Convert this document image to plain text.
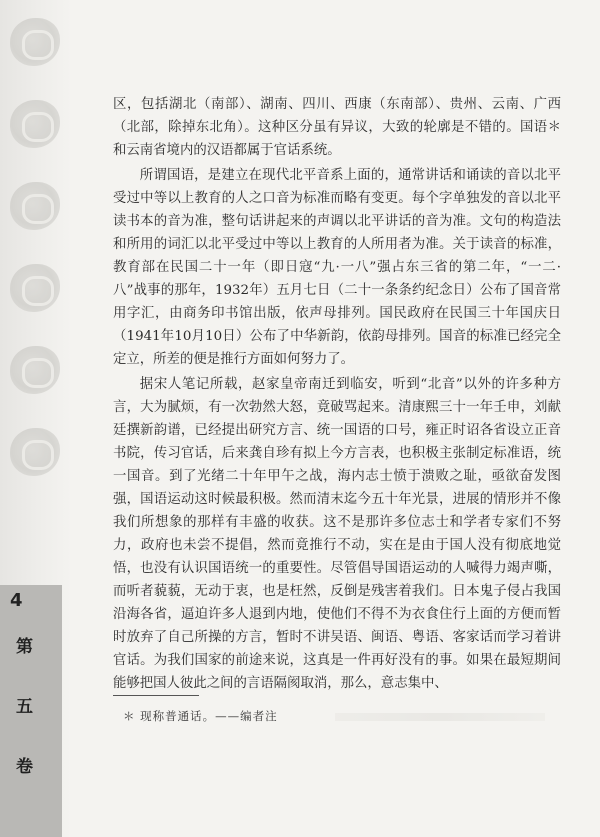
4
第
五
卷

区，包括湖北（南部）、湖南、四川、西康（东南部）、贵州、云南、广西（北部，除掉东北角）。这种区分虽有异议，大致的轮廓是不错的。国语＊和云南省境内的汉语都属于官话系统。

所谓国语，是建立在现代北平音系上面的，通常讲话和诵读的音以北平受过中等以上教育的人之口音为标准而略有变更。每个字单独发的音以北平读书本的音为准，整句话讲起来的声调以北平讲话的音为准。文句的构造法和所用的词汇以北平受过中等以上教育的人所用者为准。关于读音的标准，教育部在民国二十一年（即日寇“九·一八”强占东三省的第二年，“一二·八”战事的那年，1932年）五月七日（二十一条条约纪念日）公布了国音常用字汇，由商务印书馆出版，依声母排列。国民政府在民国三十年国庆日（1941年10月10日）公布了中华新韵，依韵母排列。国音的标准已经完全定立，所差的便是推行方面如何努力了。

据宋人笔记所载，赵家皇帝南迁到临安，听到“北音”以外的许多种方言，大为腻烦，有一次勃然大怒，竟破骂起来。清康熙三十一年壬申，刘献廷撰新韵谱，已经提出研究方言、统一国语的口号，雍正时诏各省设立正音书院，传习官话，后来龚自珍有拟上今方言表，也积极主张制定标准语，统一国音。到了光绪二十年甲午之战，海内志士愤于溃败之耻，亟欲奋发图强，国语运动这时候最积极。然而清末迄今五十年光景，进展的情形并不像我们所想象的那样有丰盛的收获。这不是那许多位志士和学者专家们不努力，政府也未尝不提倡，然而竟推行不动，实在是由于国人没有彻底地觉悟，也没有认识国语统一的重要性。尽管倡导国语运动的人喊得力竭声嘶，而听者藐藐，无动于衷，也是枉然，反倒是残害着我们。日本鬼子侵占我国沿海各省，逼迫许多人退到内地，使他们不得不为衣食住行上面的方便而暂时放弃了自己所操的方言，暂时不讲吴语、闽语、粤语、客家话而学习着讲官话。为我们国家的前途来说，这真是一件再好没有的事。如果在最短期间能够把国人彼此之间的言语隔阂取消，那么，意志集中、

＊ 现称普通话。——编者注
